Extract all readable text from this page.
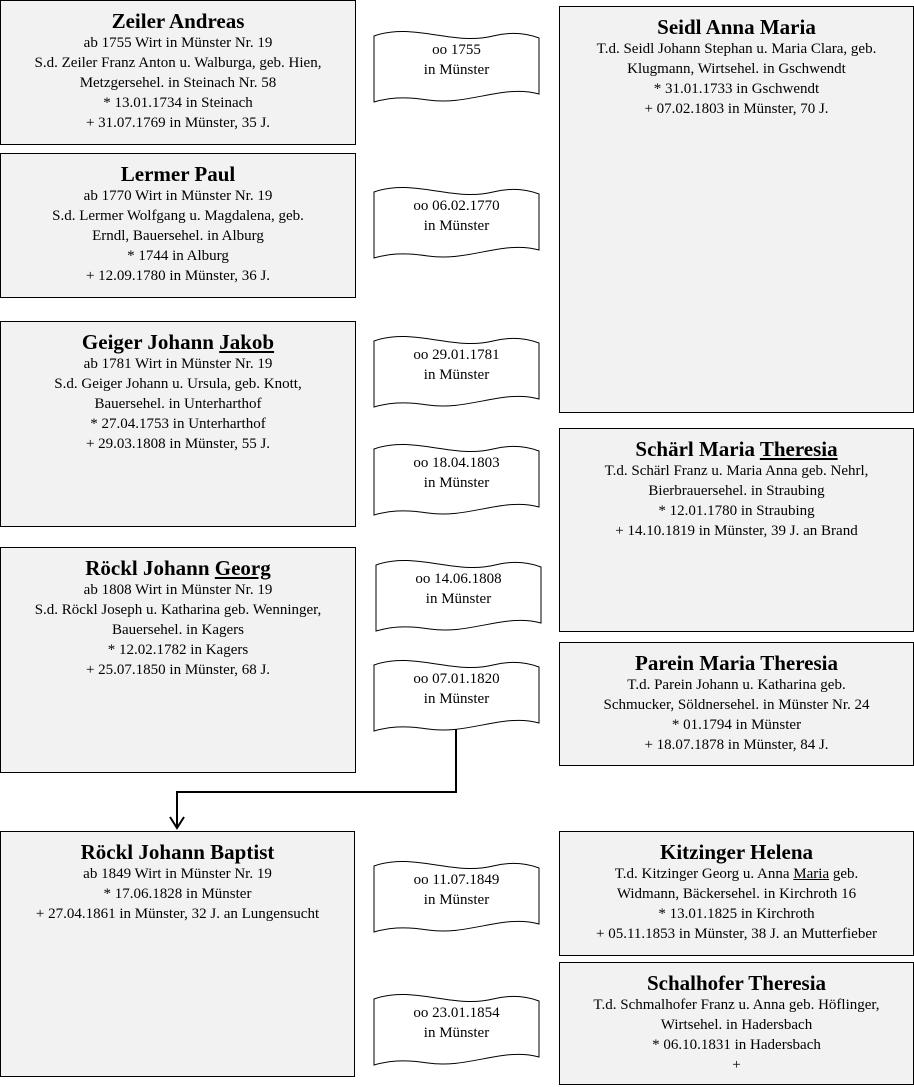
Zeiler Andreas
ab 1755 Wirt in Münster Nr. 19
S.d. Zeiler Franz Anton u. Walburga, geb. Hien,
Metzgersehel. in Steinach Nr. 58
* 13.01.1734 in Steinach
+ 31.07.1769 in Münster, 35 J.
Lermer Paul
ab 1770 Wirt in Münster Nr. 19
S.d. Lermer Wolfgang u. Magdalena, geb.
Erndl, Bauersehel. in Alburg
* 1744 in Alburg
+ 12.09.1780 in Münster, 36 J.
Geiger Johann Jakob
ab 1781 Wirt in Münster Nr. 19
S.d. Geiger Johann u. Ursula, geb. Knott,
Bauersehel. in Unterharthof
* 27.04.1753 in Unterharthof
+ 29.03.1808 in Münster, 55 J.
Röckl Johann Georg
ab 1808 Wirt in Münster Nr. 19
S.d. Röckl Joseph u. Katharina geb. Wenninger,
Bauersehel. in Kagers
* 12.02.1782 in Kagers
+ 25.07.1850 in Münster, 68 J.
Röckl Johann Baptist
ab 1849 Wirt in Münster Nr. 19
* 17.06.1828 in Münster
+ 27.04.1861 in Münster, 32 J. an Lungensucht
Seidl Anna Maria
T.d. Seidl Johann Stephan u. Maria Clara, geb.
Klugmann, Wirtsehel. in Gschwendt
* 31.01.1733 in Gschwendt
+ 07.02.1803 in Münster, 70 J.
Schärl Maria Theresia
T.d. Schärl Franz u. Maria Anna geb. Nehrl,
Bierbrauersehel. in Straubing
* 12.01.1780 in Straubing
+ 14.10.1819 in Münster, 39 J. an Brand
Parein Maria Theresia
T.d. Parein Johann u. Katharina geb.
Schmucker, Söldnersehel. in Münster Nr. 24
* 01.1794 in Münster
+ 18.07.1878 in Münster, 84 J.
Kitzinger Helena
T.d. Kitzinger Georg u. Anna Maria geb.
Widmann, Bäckersehel. in Kirchroth 16
* 13.01.1825 in Kirchroth
+ 05.11.1853 in Münster, 38 J. an Mutterfieber
Schalhofer Theresia
T.d. Schmalhofer Franz u. Anna geb. Höflinger,
Wirtsehel. in Hadersbach
* 06.10.1831 in Hadersbach
+
oo 1755
in Münster
oo 06.02.1770
in Münster
oo 29.01.1781
in Münster
oo 18.04.1803
in Münster
oo 14.06.1808
in Münster
oo 07.01.1820
in Münster
oo 11.07.1849
in Münster
oo 23.01.1854
in Münster
